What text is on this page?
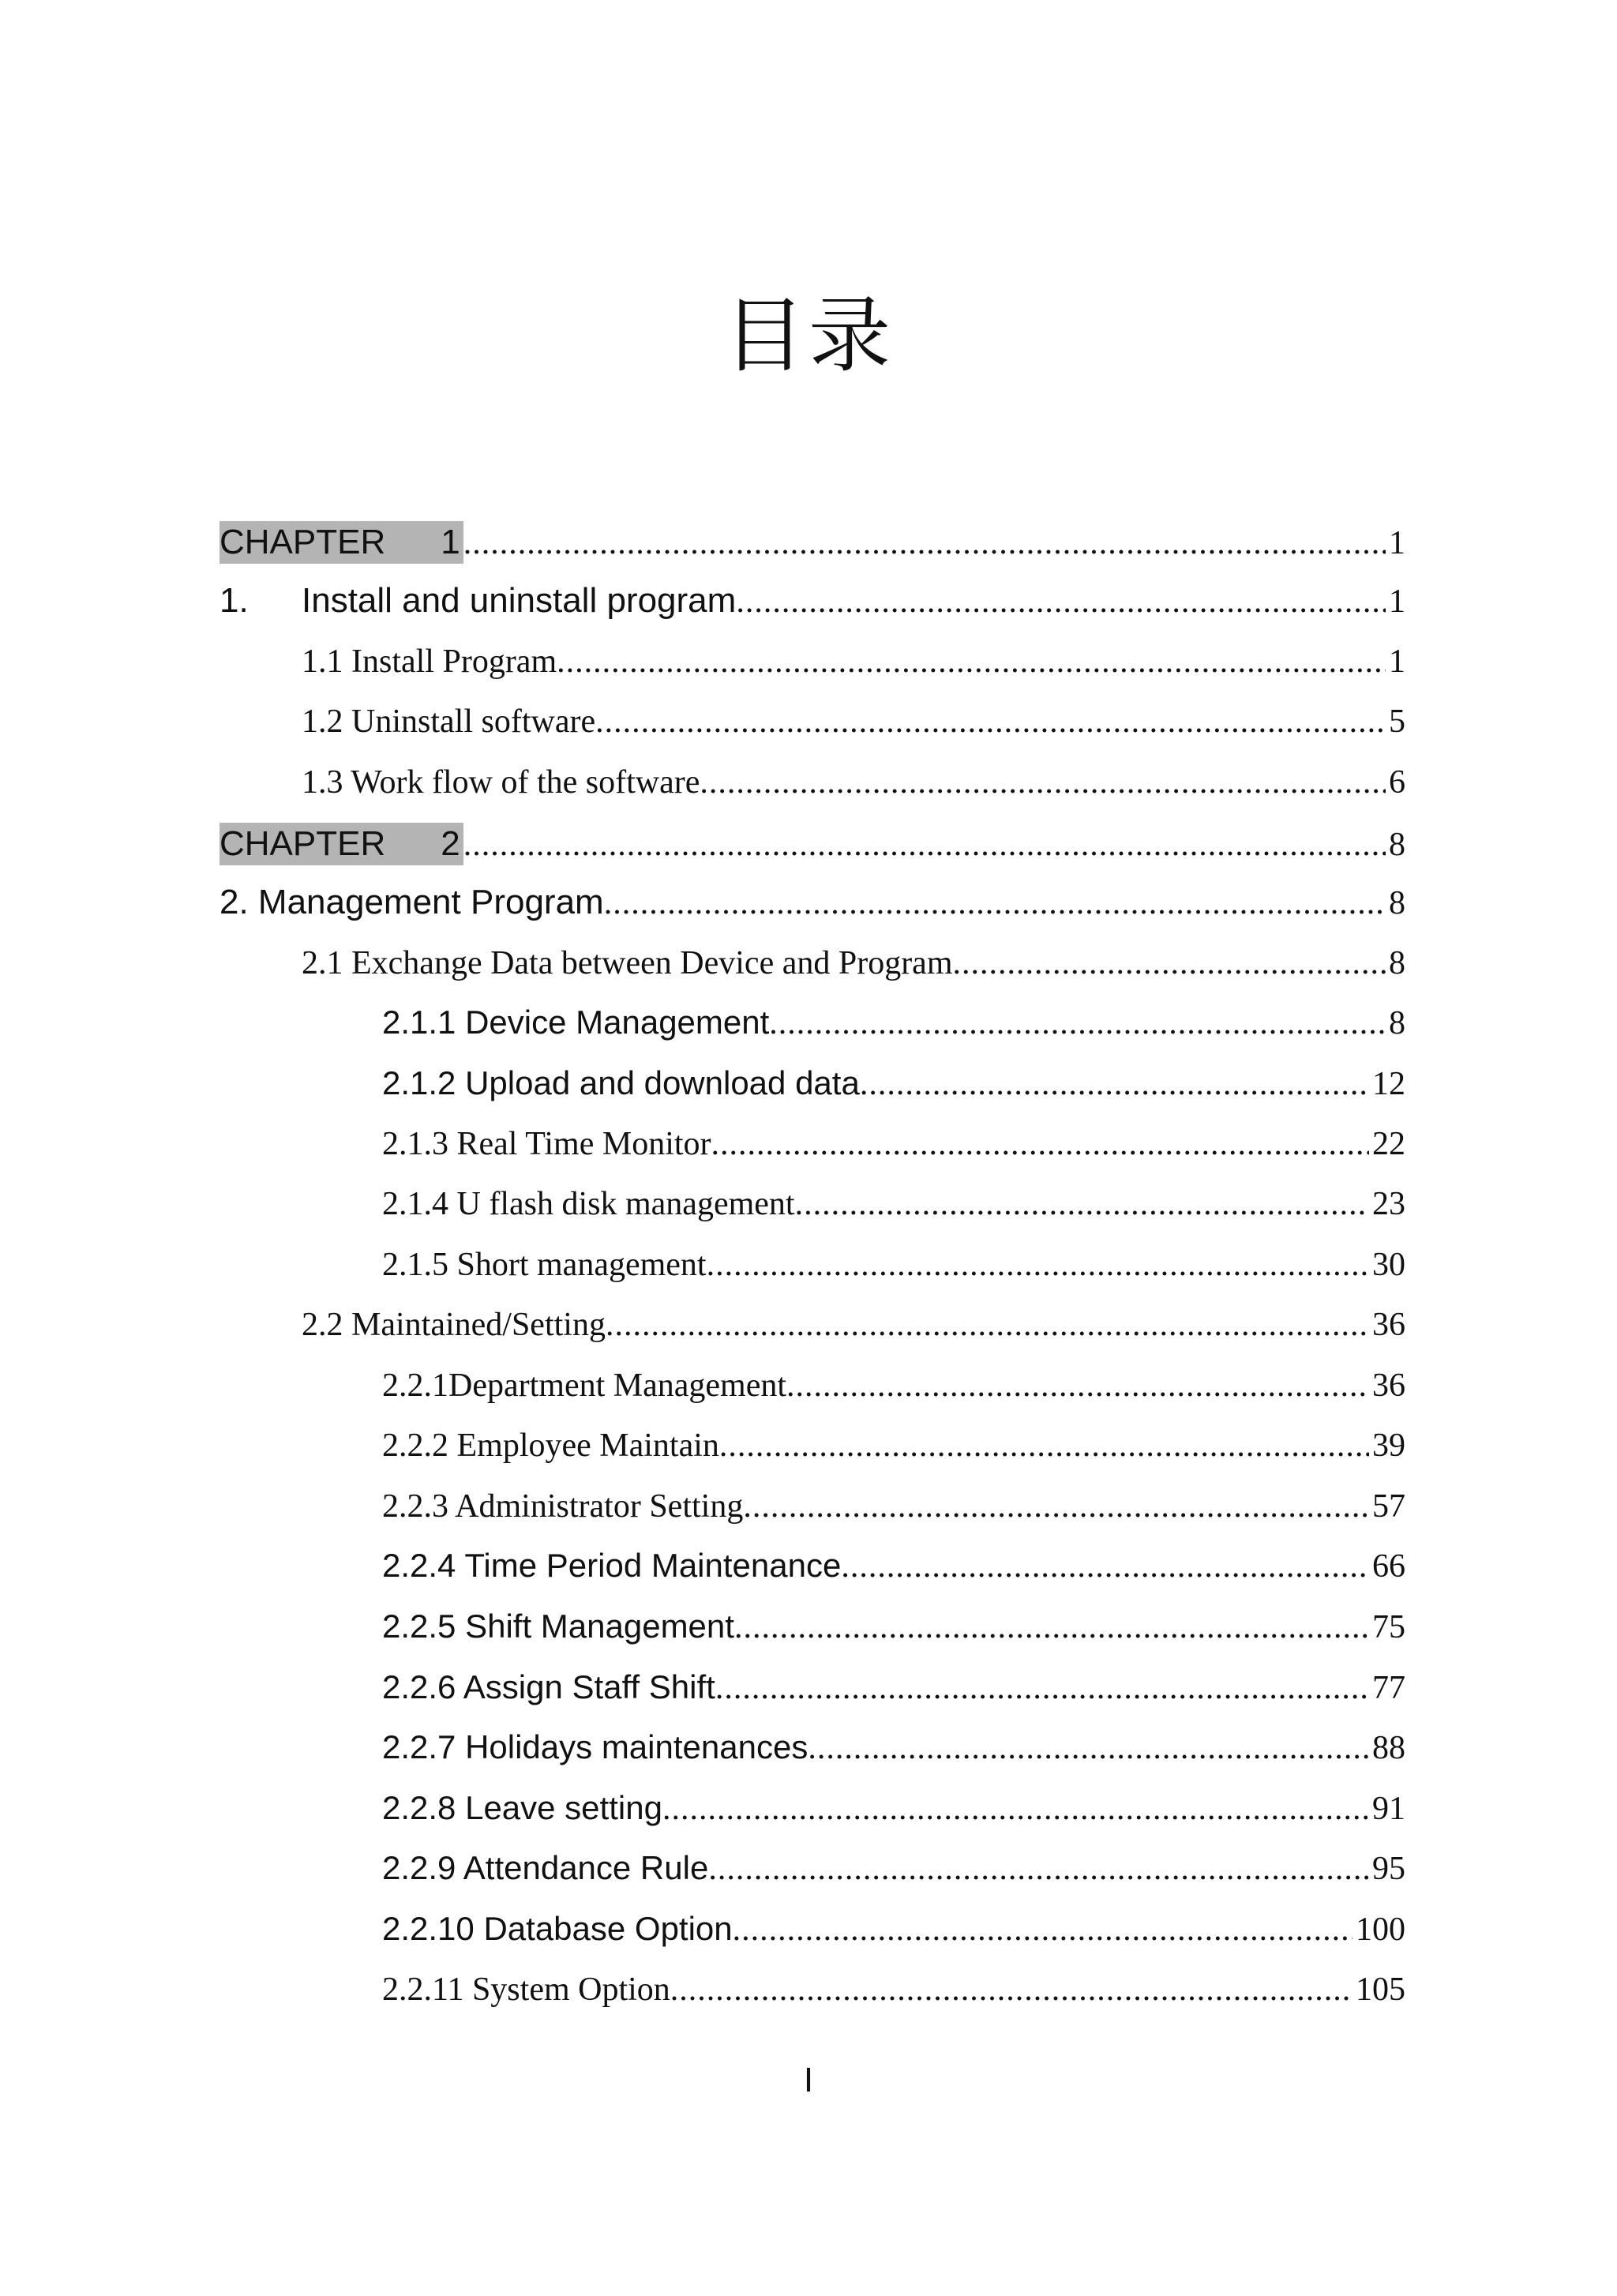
目录
CHAPTER 1 .....	1
1. Install and uninstall program .....	1
1.1 Install Program .....	1
1.2 Uninstall software .....	5
1.3 Work flow of the software .....	6
CHAPTER 2 .....	8
2. Management Program .....	8
2.1 Exchange Data between Device and Program .....	8
2.1.1 Device Management .....	8
2.1.2 Upload and download data .....	12
2.1.3 Real Time Monitor .....	22
2.1.4 U flash disk management .....	23
2.1.5 Short management .....	30
2.2 Maintained/Setting .....	36
2.2.1Department Management .....	36
2.2.2 Employee Maintain .....	39
2.2.3 Administrator Setting .....	57
2.2.4 Time Period Maintenance .....	66
2.2.5 Shift Management .....	75
2.2.6 Assign Staff Shift .....	77
2.2.7 Holidays maintenances .....	88
2.2.8 Leave setting .....	91
2.2.9 Attendance Rule .....	95
2.2.10 Database Option .....	100
2.2.11 System Option .....	105
I
